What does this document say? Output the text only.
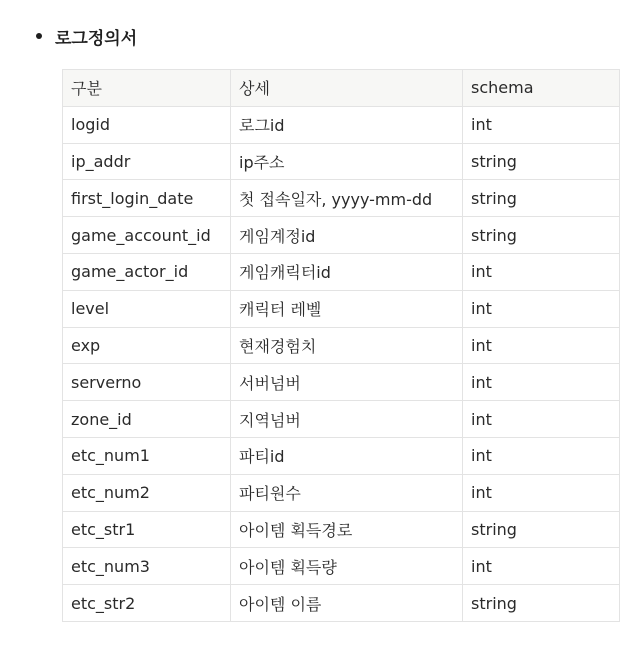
로그정의서
구분	상세	schema
logid	로그id	int
ip_addr	ip주소	string
first_login_date	첫 접속일자, yyyy-mm-dd	string
game_account_id	게임계정id	string
game_actor_id	게임캐릭터id	int
level	캐릭터 레벨	int
exp	현재경험치	int
serverno	서버넘버	int
zone_id	지역넘버	int
etc_num1	파티id	int
etc_num2	파티원수	int
etc_str1	아이템 획득경로	string
etc_num3	아이템 획득량	int
etc_str2	아이템 이름	string
